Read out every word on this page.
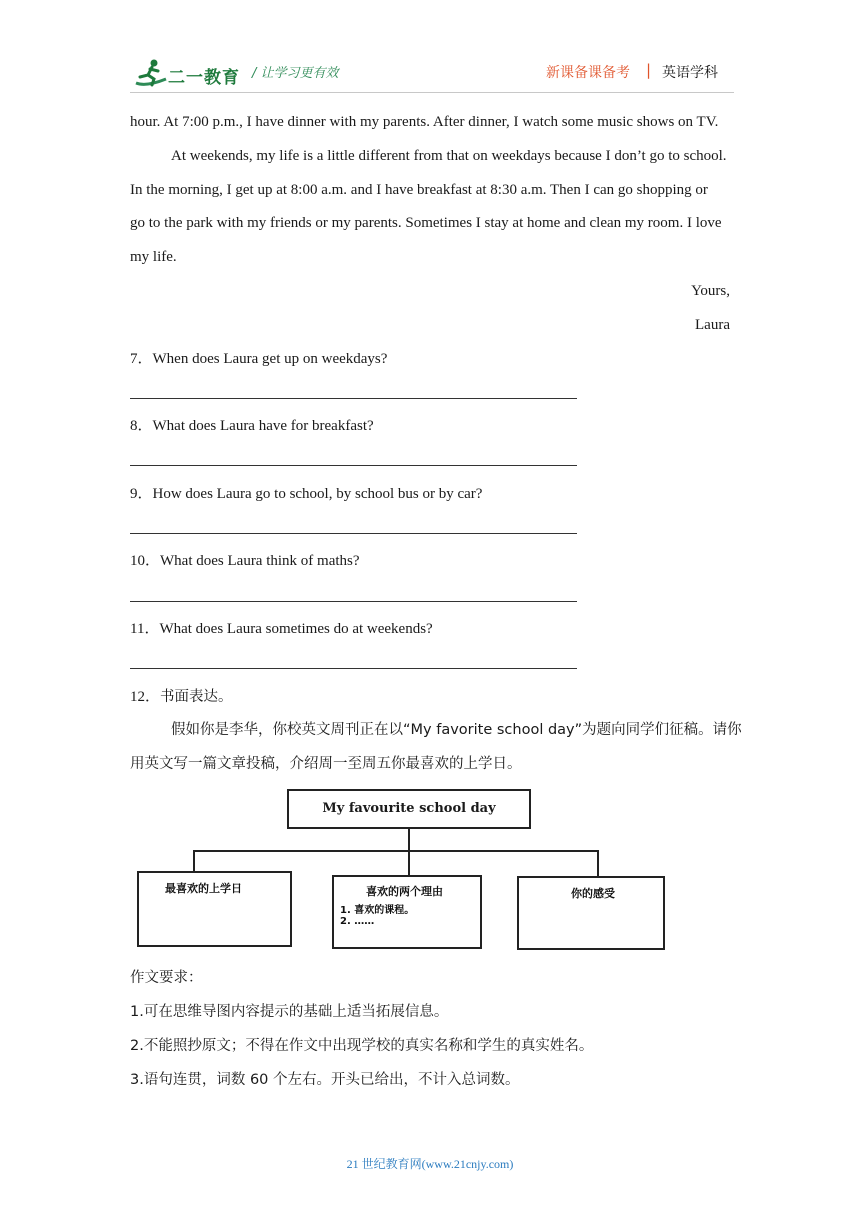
二一教育 / 让学习更有效	新课备课备考 | 英语学科
hour. At 7:00 p.m., I have dinner with my parents. After dinner, I watch some music shows on TV.
At weekends, my life is a little different from that on weekdays because I don’t go to school.
In the morning, I get up at 8:00 a.m. and I have breakfast at 8:30 a.m. Then I can go shopping or
go to the park with my friends or my parents. Sometimes I stay at home and clean my room. I love
my life.
Yours,
Laura
7．When does Laura get up on weekdays?
8．What does Laura have for breakfast?
9．How does Laura go to school, by school bus or by car?
10．What does Laura think of maths?
11．What does Laura sometimes do at weekends?
12．书面表达。
假如你是李华，你校英文周刊正在以“My favorite school day”为题向同学们征稿。请你
用英文写一篇文章投稿，介绍周一至周五你最喜欢的上学日。
My favourite school day
最喜欢的上学日	喜欢的两个理由
1. 喜欢的课程。
2. ……
你的感受
作文要求：
1.可在思维导图内容提示的基础上适当拓展信息。
2.不能照抄原文；不得在作文中出现学校的真实名称和学生的真实姓名。
3.语句连贯，词数 60 个左右。开头已给出，不计入总词数。
21 世纪教育网(www.21cnjy.com)
